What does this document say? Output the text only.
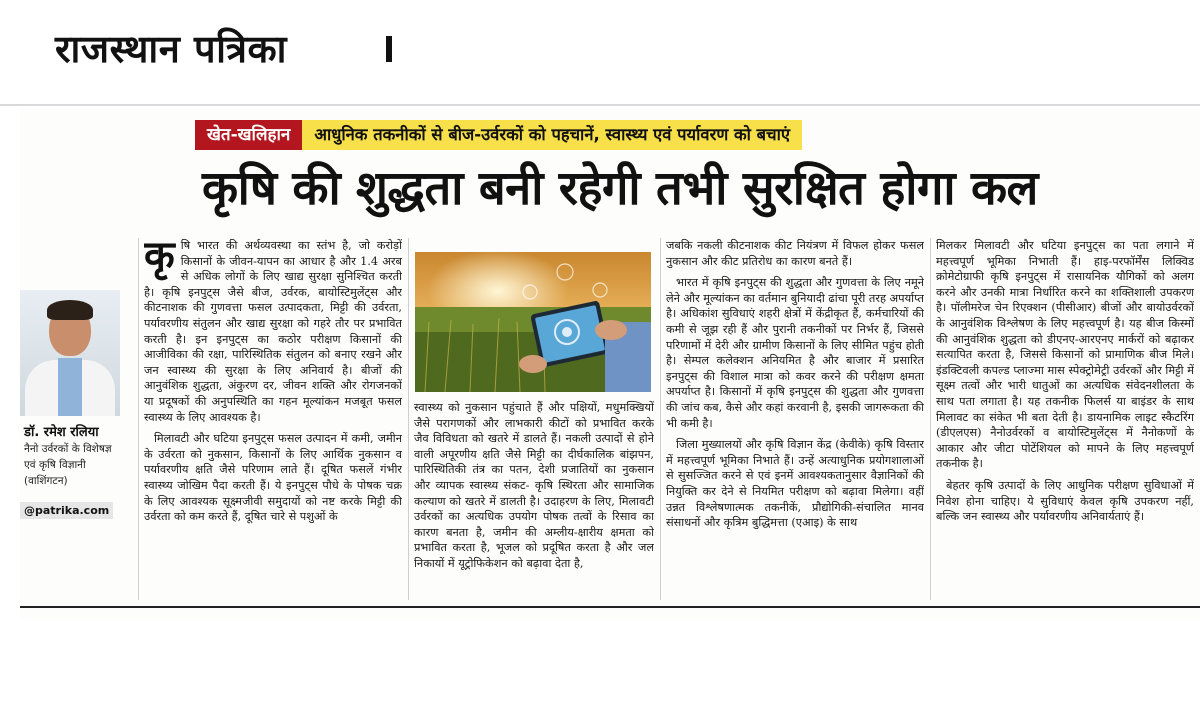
राजस्थान पत्रिका
खेत-खलिहान	आधुनिक तकनीकों से बीज-उर्वरकों को पहचानें, स्वास्थ्य एवं पर्यावरण को बचाएं
कृषि की शुद्धता बनी रहेगी तभी सुरक्षित होगा कल
डॉ. रमेश रलिया
नैनो उर्वरकों के विशेषज्ञ
एवं कृषि विज्ञानी
(वाशिंगटन)
@patrika.com
कृ षि भारत की अर्थव्यवस्था का स्तंभ है, जो करोड़ों किसानों के जीवन-यापन का आधार है और 1.4 अरब से अधिक लोगों के लिए खाद्य सुरक्षा सुनिश्चित करती है। कृषि इनपुट्स जैसे बीज, उर्वरक, बायोस्टिमुलेंट्स और कीटनाशक की गुणवत्ता फसल उत्पादकता, मिट्टी की उर्वरता, पर्यावरणीय संतुलन और खाद्य सुरक्षा को गहरे तौर पर प्रभावित करती है। इन इनपुट्स का कठोर परीक्षण किसानों की आजीविका की रक्षा, पारिस्थितिक संतुलन को बनाए रखने और जन स्वास्थ्य की सुरक्षा के लिए अनिवार्य है। बीजों की आनुवंशिक शुद्धता, अंकुरण दर, जीवन शक्ति और रोगजनकों या प्रदूषकों की अनुपस्थिति का गहन मूल्यांकन मजबूत फसल स्वास्थ्य के लिए आवश्यक है।

मिलावटी और घटिया इनपुट्स फसल उत्पादन में कमी, जमीन के उर्वरता को नुकसान, किसानों के लिए आर्थिक नुकसान व पर्यावरणीय क्षति जैसे परिणाम लाते हैं। दूषित फसलें गंभीर स्वास्थ्य जोखिम पैदा करती हैं। ये इनपुट्स पौधे के पोषक चक्र के लिए आवश्यक सूक्ष्मजीवी समुदायों को नष्ट करके मिट्टी की उर्वरता को कम करते हैं, दूषित चारे से पशुओं के

स्वास्थ्य को नुकसान पहुंचाते हैं और पक्षियों, मधुमक्खियों जैसे परागणकों और लाभकारी कीटों को प्रभावित करके जैव विविधता को खतरे में डालते हैं। नकली उत्पादों से होने वाली अपूरणीय क्षति जैसे मिट्टी का दीर्घकालिक बांझपन, पारिस्थितिकी तंत्र का पतन, देशी प्रजातियों का नुकसान और व्यापक स्वास्थ्य संकट- कृषि स्थिरता और सामाजिक कल्याण को खतरे में डालती है। उदाहरण के लिए, मिलावटी उर्वरकों का अत्यधिक उपयोग पोषक तत्वों के रिसाव का कारण बनता है, जमीन की अम्लीय-क्षारीय क्षमता को प्रभावित करता है, भूजल को प्रदूषित करता है और जल निकायों में यूट्रोफिकेशन को बढ़ावा देता है,

जबकि नकली कीटनाशक कीट नियंत्रण में विफल होकर फसल नुकसान और कीट प्रतिरोध का कारण बनते हैं।

भारत में कृषि इनपुट्स की शुद्धता और गुणवत्ता के लिए नमूने लेने और मूल्यांकन का वर्तमान बुनियादी ढांचा पूरी तरह अपर्याप्त है। अधिकांश सुविधाएं शहरी क्षेत्रों में केंद्रीकृत हैं, कर्मचारियों की कमी से जूझ रही हैं और पुरानी तकनीकों पर निर्भर हैं, जिससे परिणामों में देरी और ग्रामीण किसानों के लिए सीमित पहुंच होती है। सेम्पल कलेक्शन अनियमित है और बाजार में प्रसारित इनपुट्स की विशाल मात्रा को कवर करने की परीक्षण क्षमता अपर्याप्त है। किसानों में कृषि इनपुट्स की शुद्धता और गुणवत्ता की जांच कब, कैसे और कहां करवानी है, इसकी जागरूकता की भी कमी है।

जिला मुख्यालयों और कृषि विज्ञान केंद्र (केवीके) कृषि विस्तार में महत्त्वपूर्ण भूमिका निभाते हैं। उन्हें अत्याधुनिक प्रयोगशालाओं से सुसज्जित करने से एवं इनमें आवश्यकतानुसार वैज्ञानिकों की नियुक्ति कर देने से नियमित परीक्षण को बढ़ावा मिलेगा। वहीं उन्नत विश्लेषणात्मक तकनीकें, प्रौद्योगिकी-संचालित मानव संसाधनों और कृत्रिम बुद्धिमत्ता (एआइ) के साथ

मिलकर मिलावटी और घटिया इनपुट्स का पता लगाने में महत्त्वपूर्ण भूमिका निभाती हैं। हाइ-परफॉर्मेंस लिक्विड क्रोमेटोग्राफी कृषि इनपुट्स में रासायनिक यौगिकों को अलग करने और उनकी मात्रा निर्धारित करने का शक्तिशाली उपकरण है। पॉलीमरेज चेन रिएक्शन (पीसीआर) बीजों और बायोउर्वरकों के आनुवंशिक विश्लेषण के लिए महत्त्वपूर्ण है। यह बीज किस्मों की आनुवंशिक शुद्धता को डीएनए-आरएनए मार्करों को बढ़ाकर सत्यापित करता है, जिससे किसानों को प्रामाणिक बीज मिले। इंडक्टिवली कपल्ड प्लाज्मा मास स्पेक्ट्रोमेट्री उर्वरकों और मिट्टी में सूक्ष्म तत्वों और भारी धातुओं का अत्यधिक संवेदनशीलता के साथ पता लगाता है। यह तकनीक फिलर्स या बाइंडर के साथ मिलावट का संकेत भी बता देती है। डायनामिक लाइट स्कैटरिंग (डीएलएस) नैनोउर्वरकों व बायोस्टिमुलेंट्स में नैनोकणों के आकार और जीटा पोटेंशियल को मापने के लिए महत्त्वपूर्ण तकनीक है।

बेहतर कृषि उत्पादों के लिए आधुनिक परीक्षण सुविधाओं में निवेश होना चाहिए। ये सुविधाएं केवल कृषि उपकरण नहीं, बल्कि जन स्वास्थ्य और पर्यावरणीय अनिवार्यताएं हैं।
